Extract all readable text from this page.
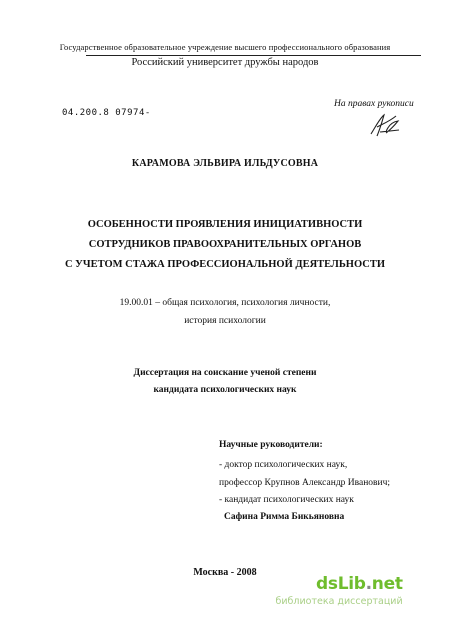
Государственное образовательное учреждение высшего профессионального образования
Российский университет дружбы народов
04.200.8 07974-
На правах рукописи
КАРАМОВА ЭЛЬВИРА ИЛЬДУСОВНА
ОСОБЕННОСТИ ПРОЯВЛЕНИЯ ИНИЦИАТИВНОСТИ
СОТРУДНИКОВ ПРАВООХРАНИТЕЛЬНЫХ ОРГАНОВ
С УЧЕТОМ СТАЖА ПРОФЕССИОНАЛЬНОЙ ДЕЯТЕЛЬНОСТИ
19.00.01 – общая психология, психология личности,
история психологии
Диссертация на соискание ученой степени
кандидата психологических наук
Научные руководители:
- доктор психологических наук,
профессор Крупнов Александр Иванович;
- кандидат психологических наук
Сафина Римма Бикьяновна
Москва - 2008
dsLib.net
библиотека диссертаций
